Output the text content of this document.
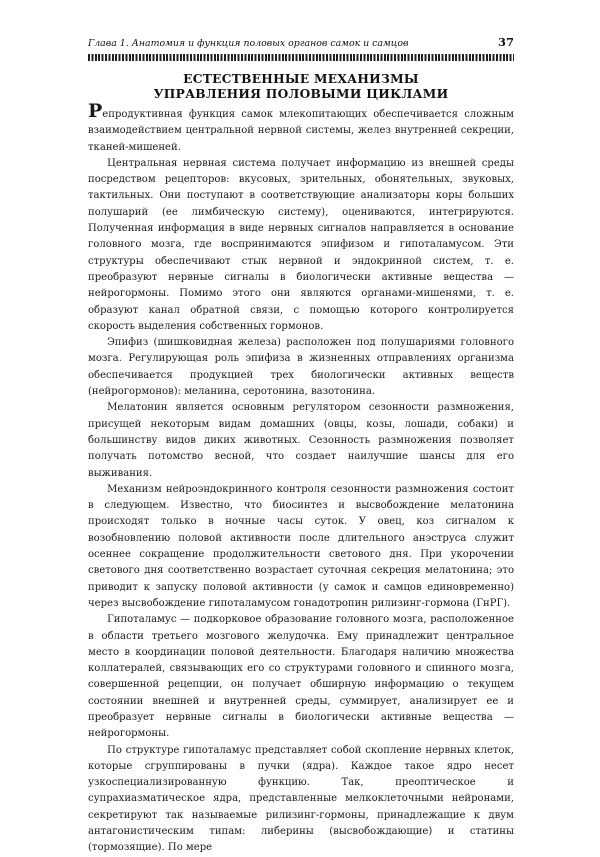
Глава 1. Анатомия и функция половых органов самок и самцов	37
ЕСТЕСТВЕННЫЕ МЕХАНИЗМЫ
УПРАВЛЕНИЯ ПОЛОВЫМИ ЦИКЛАМИ

Репродуктивная функция самок млекопитающих обеспечивается сложным взаимодействием центральной нервной системы, желез внутренней секреции, тканей-мишеней.

Центральная нервная система получает информацию из внешней среды посредством рецепторов: вкусовых, зрительных, обонятельных, звуковых, тактильных. Они поступают в соответствующие анализаторы коры больших полушарий (ее лимбическую систему), оцениваются, интегрируются. Полученная информация в виде нервных сигналов направляется в основание головного мозга, где воспринимаются эпифизом и гипоталамусом. Эти структуры обеспечивают стык нервной и эндокринной систем, т. е. преобразуют нервные сигналы в биологически активные вещества — нейрогормоны. Помимо этого они являются органами-мишенями, т. е. образуют канал обратной связи, с помощью которого контролируется скорость выделения собственных гормонов.

Эпифиз (шишковидная железа) расположен под полушариями головного мозга. Регулирующая роль эпифиза в жизненных отправлениях организма обеспечивается продукцией трех биологически активных веществ (нейрогормонов): меланина, серотонина, вазотонина.

Мелатонин является основным регулятором сезонности размножения, присущей некоторым видам домашних (овцы, козы, лошади, собаки) и большинству видов диких животных. Сезонность размножения позволяет получать потомство весной, что создает наилучшие шансы для его выживания.

Механизм нейроэндокринного контроля сезонности размножения состоит в следующем. Известно, что биосинтез и высвобождение мелатонина происходят только в ночные часы суток. У овец, коз сигналом к возобновлению половой активности после длительного анэструса служит осеннее сокращение продолжительности светового дня. При укорочении светового дня соответственно возрастает суточная секреция мелатонина; это приводит к запуску половой активности (у самок и самцов единовременно) через высвобождение гипоталамусом гонадотропин рилизинг-гормона (ГнРГ).

Гипоталамус — подкорковое образование головного мозга, расположенное в области третьего мозгового желудочка. Ему принадлежит центральное место в координации половой деятельности. Благодаря наличию множества коллатералей, связывающих его со структурами головного и спинного мозга, совершенной рецепции, он получает обширную информацию о текущем состоянии внешней и внутренней среды, суммирует, анализирует ее и преобразует нервные сигналы в биологически активные вещества — нейрогормоны.

По структуре гипоталамус представляет собой скопление нервных клеток, которые сгруппированы в пучки (ядра). Каждое такое ядро несет узкоспециализированную функцию. Так, преоптическое и супрахиазматическое ядра, представленные мелкоклеточными нейронами, секретируют так называемые рилизинг-гормоны, принадлежащие к двум антагонистическим типам: либерины (высвобождающие) и статины (тормозящие). По мере
